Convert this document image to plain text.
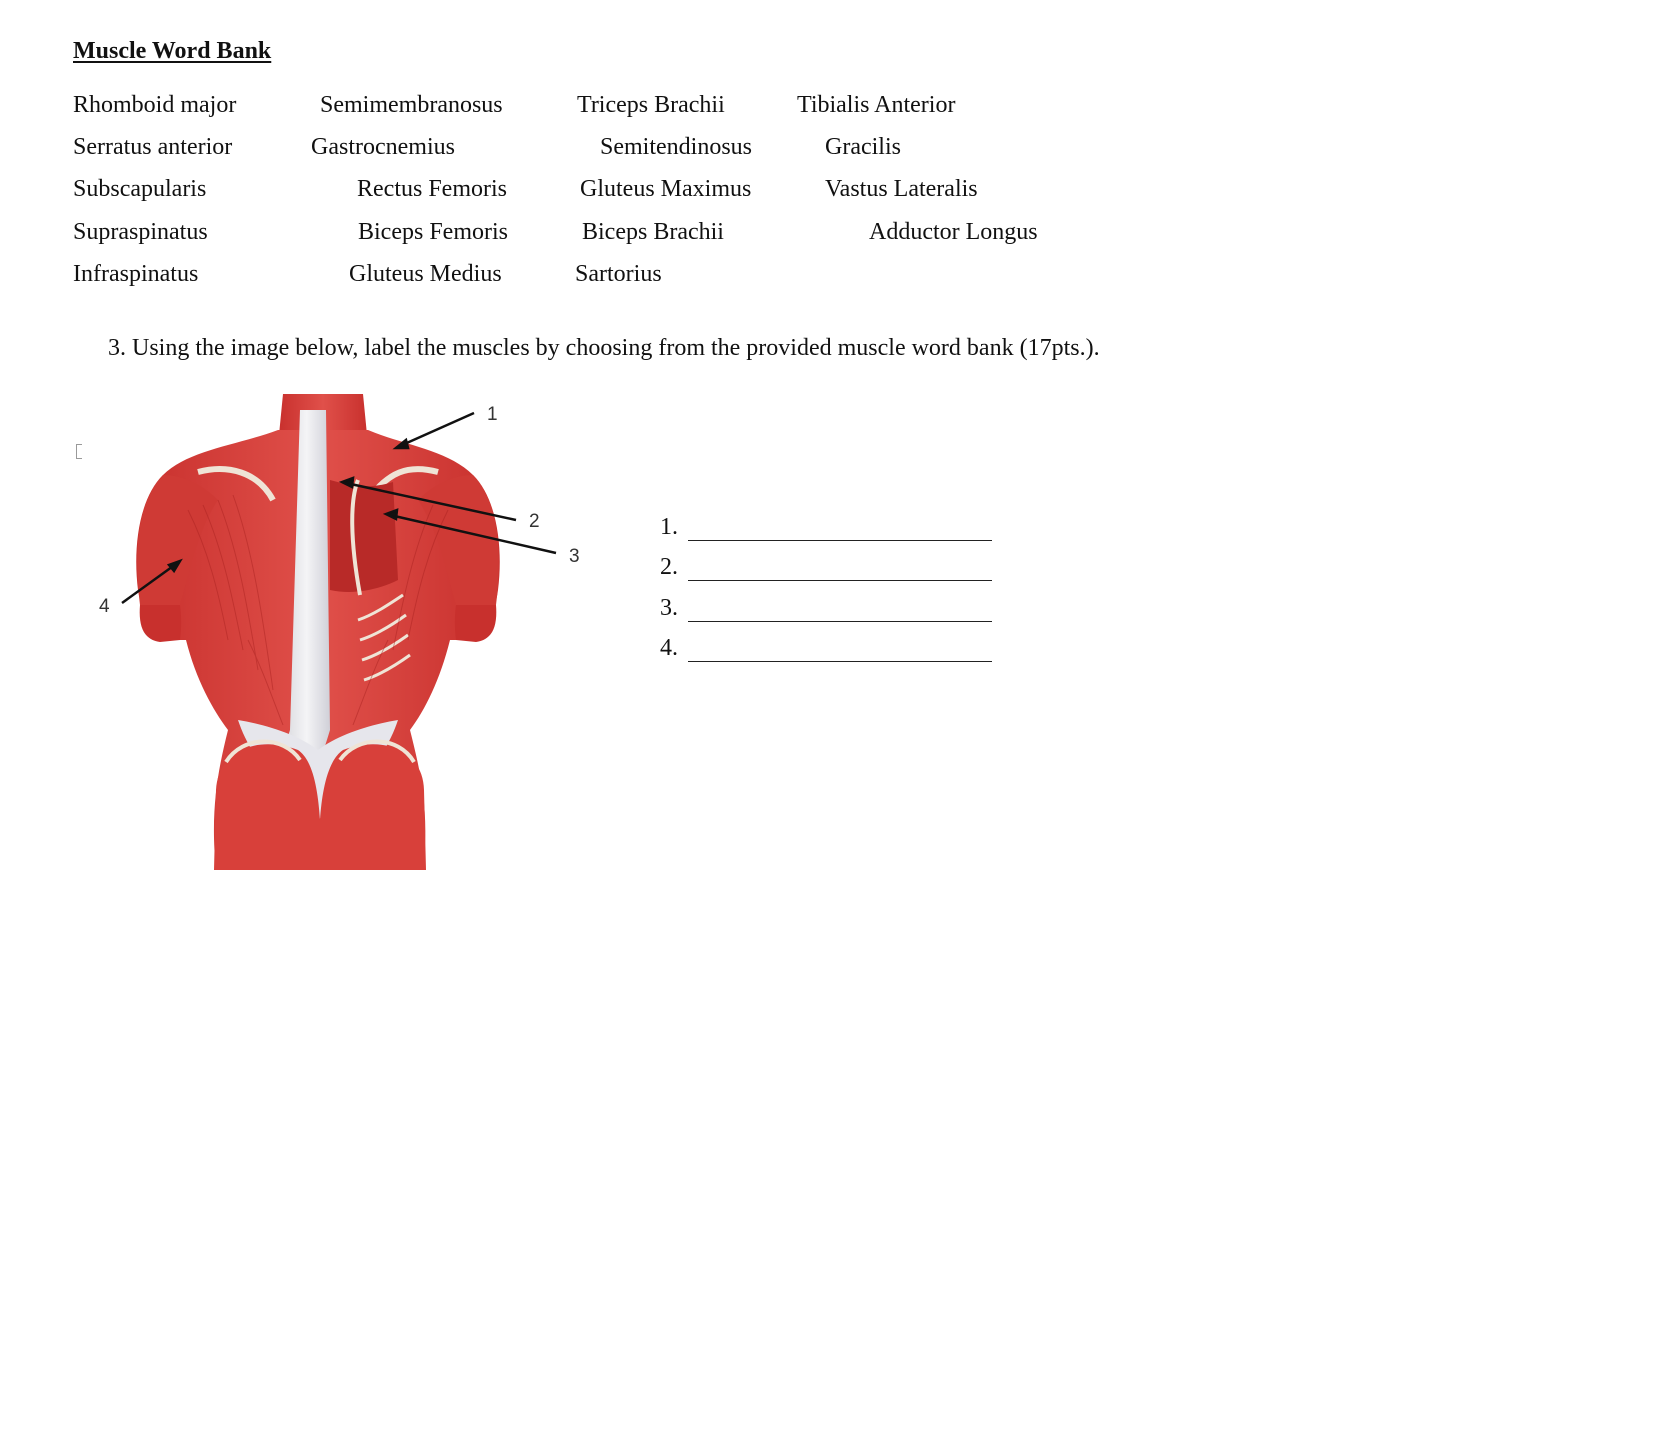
Muscle Word Bank
Rhomboid major	Semimembranosus	Triceps Brachii	Tibialis Anterior
Serratus anterior	Gastrocnemius	Semitendinosus	Gracilis
Subscapularis	Rectus Femoris	Gluteus Maximus	Vastus Lateralis
Supraspinatus	Biceps Femoris	Biceps Brachii	Adductor Longus
Infraspinatus	Gluteus Medius	Sartorius
3. Using the image below, label the muscles by choosing from the provided muscle word bank (17pts.).
1
2
3
4
1.
2.
3.
4.
